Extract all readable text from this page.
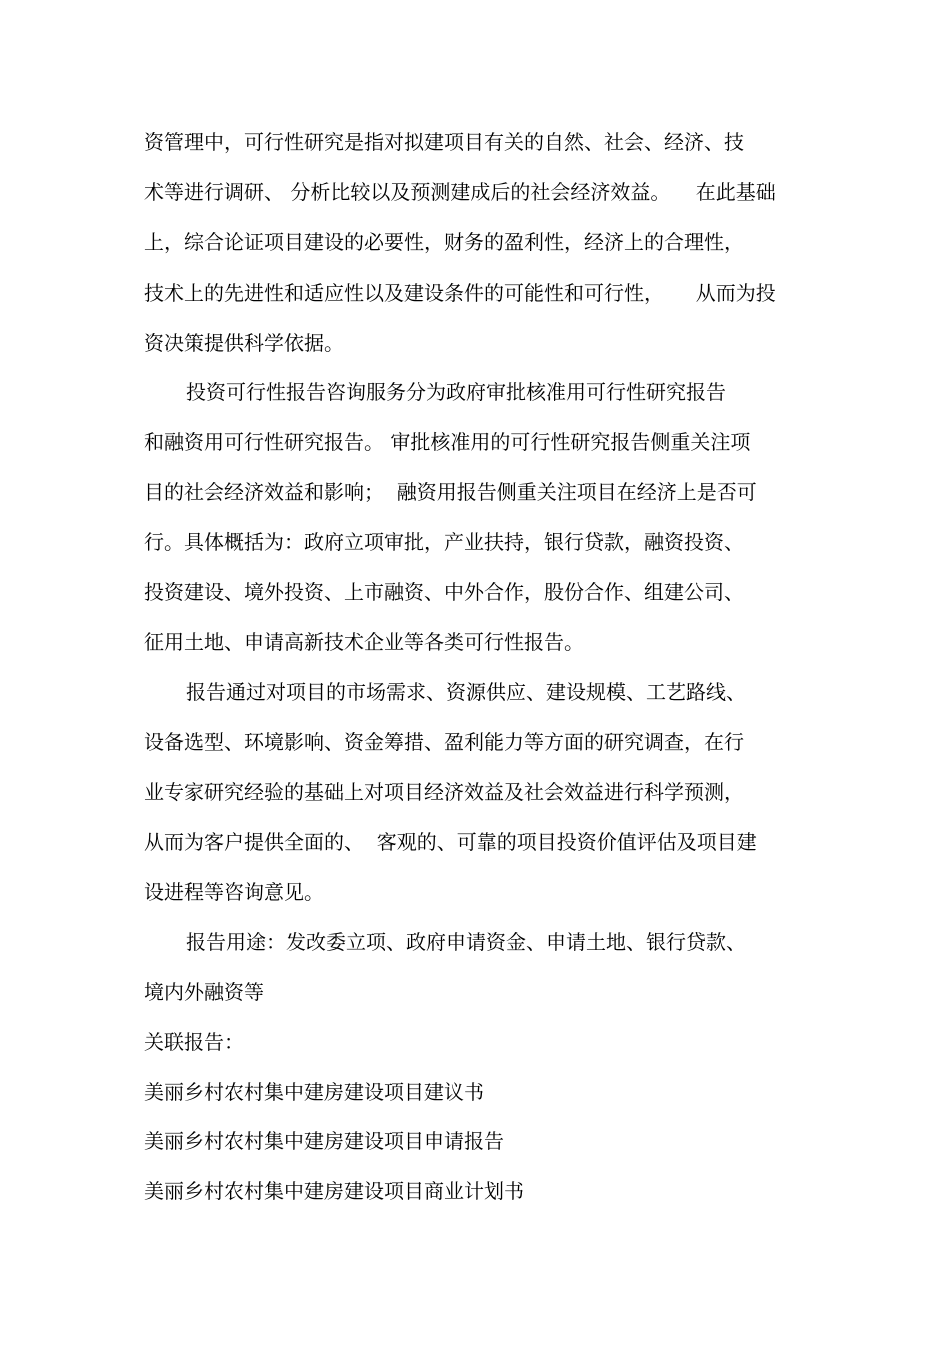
资管理中，可行性研究是指对拟建项目有关的自然、社会、经济、技
术等进行调研、 分析比较以及预测建成后的社会经济效益。    在此基础
上，综合论证项目建设的必要性，财务的盈利性，经济上的合理性，
技术上的先进性和适应性以及建设条件的可能性和可行性，     从而为投
资决策提供科学依据。
投资可行性报告咨询服务分为政府审批核准用可行性研究报告
和融资用可行性研究报告。 审批核准用的可行性研究报告侧重关注项
目的社会经济效益和影响；  融资用报告侧重关注项目在经济上是否可
行。具体概括为：政府立项审批，产业扶持，银行贷款，融资投资、
投资建设、境外投资、上市融资、中外合作，股份合作、组建公司、
征用土地、申请高新技术企业等各类可行性报告。
报告通过对项目的市场需求、资源供应、建设规模、工艺路线、
设备选型、环境影响、资金筹措、盈利能力等方面的研究调查，在行
业专家研究经验的基础上对项目经济效益及社会效益进行科学预测，
从而为客户提供全面的、  客观的、可靠的项目投资价值评估及项目建
设进程等咨询意见。
报告用途：发改委立项、政府申请资金、申请土地、银行贷款、
境内外融资等
关联报告：
美丽乡村农村集中建房建设项目建议书
美丽乡村农村集中建房建设项目申请报告
美丽乡村农村集中建房建设项目商业计划书
